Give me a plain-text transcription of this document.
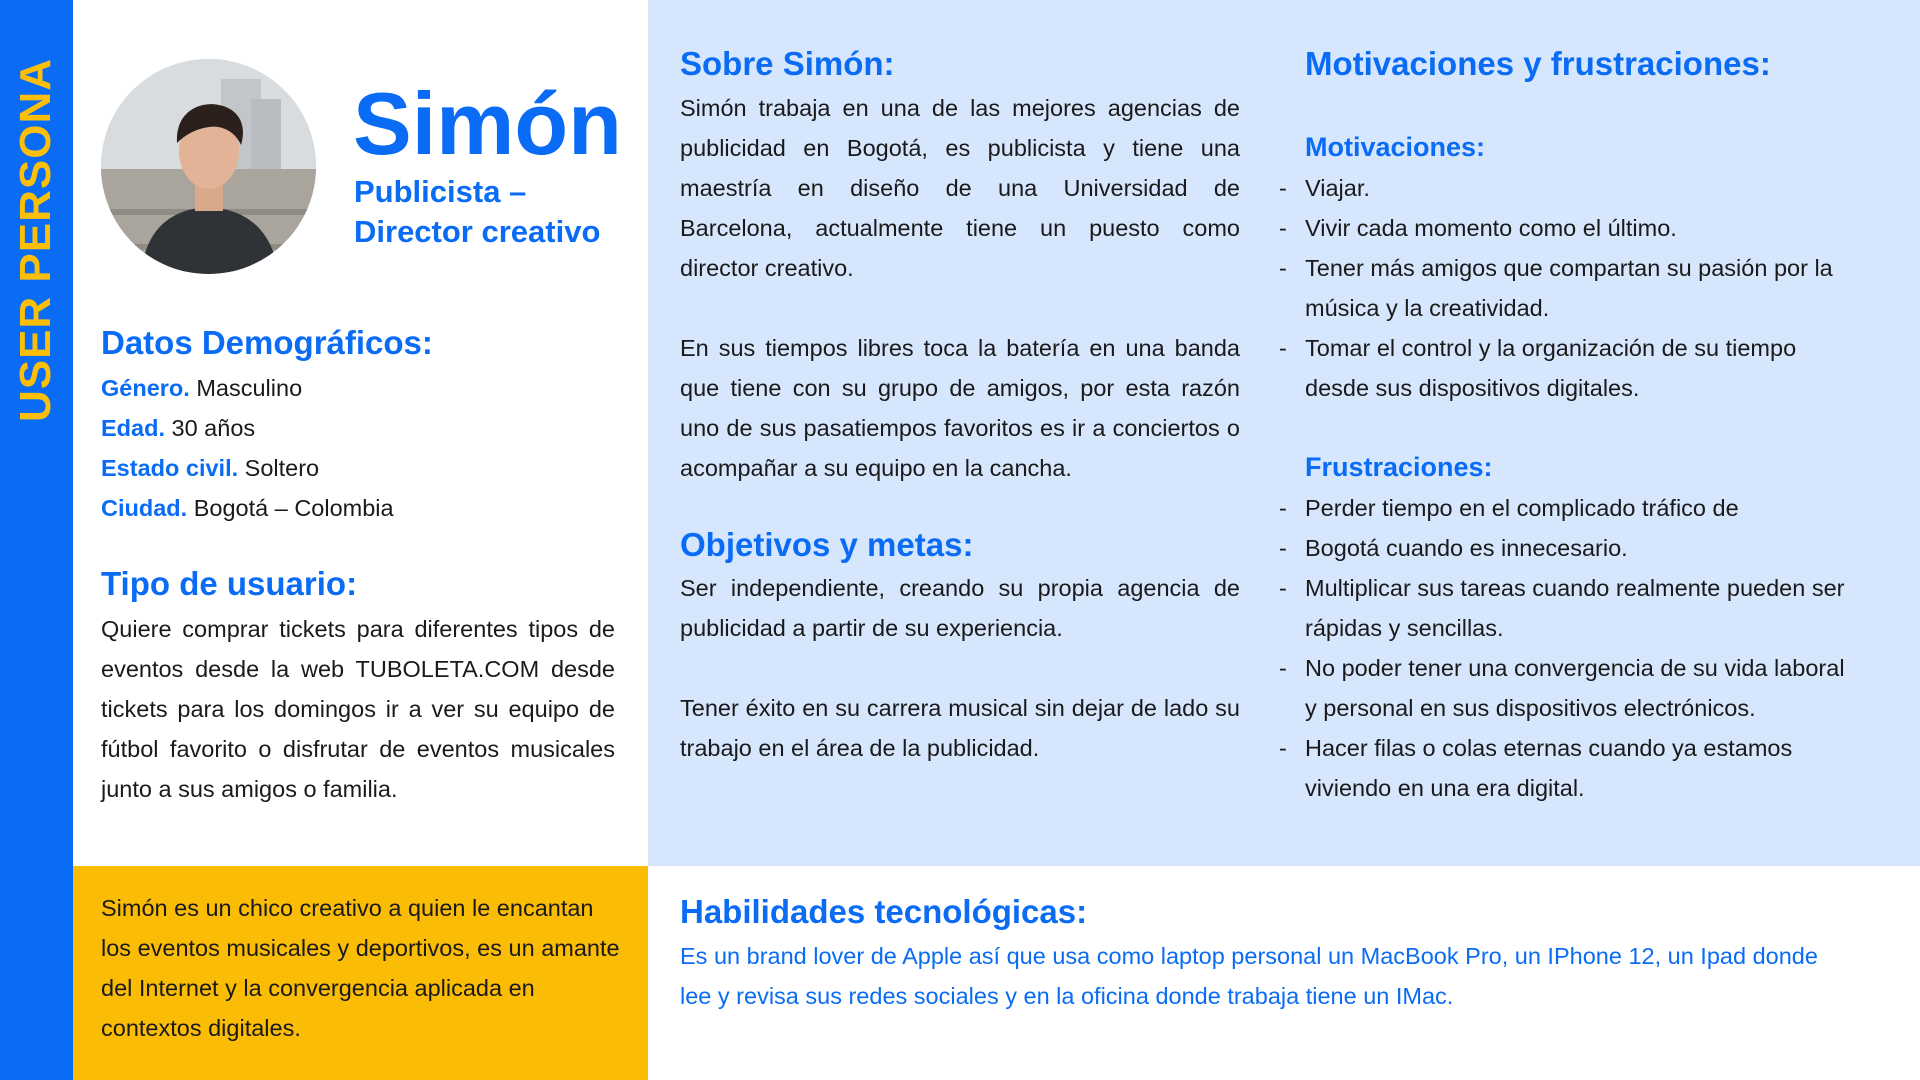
USER PERSONA	Simón
Publicista – Director creativo
Datos Demográficos:

Género. Masculino

Edad. 30 años

Estado civil. Soltero

Ciudad. Bogotá – Colombia

Tipo de usuario:
Quiere comprar tickets para diferentes tipos de eventos desde la web TUBOLETA.COM desde tickets para los domingos ir a ver su equipo de fútbol favorito o disfrutar de eventos musicales junto a sus amigos o familia.
Sobre Simón:

Simón trabaja en una de las mejores agencias de publicidad en Bogotá, es publicista y tiene una maestría en diseño de una Universidad de Barcelona, actualmente tiene un puesto como director creativo.

En sus tiempos libres toca la batería en una banda que tiene con su grupo de amigos, por esta razón uno de sus pasatiempos favoritos es ir a conciertos o acompañar a su equipo en la cancha.

Objetivos y metas:

Ser independiente, creando su propia agencia de publicidad a partir de su experiencia.

Tener éxito en su carrera musical sin dejar de lado su trabajo en el área de la publicidad.

Motivaciones y frustraciones:
Motivaciones:
- Viajar.
- Vivir cada momento como el último.
- Tener más amigos que compartan su pasión por la música y la creatividad.
- Tomar el control y la organización de su tiempo desde sus dispositivos digitales.
Frustraciones:
- Perder tiempo en el complicado tráfico de
- Bogotá cuando es innecesario.
- Multiplicar sus tareas cuando realmente pueden ser rápidas y sencillas.
- No poder tener una convergencia de su vida laboral y personal en sus dispositivos electrónicos.
- Hacer filas o colas eternas cuando ya estamos viviendo en una era digital.
Simón es un chico creativo a quien le encantan los eventos musicales y deportivos, es un amante del Internet y la convergencia aplicada en contextos digitales.
Habilidades tecnológicas:
Es un brand lover de Apple así que usa como laptop personal un MacBook Pro, un IPhone 12, un Ipad donde lee y revisa sus redes sociales y en la oficina donde trabaja tiene un IMac.
